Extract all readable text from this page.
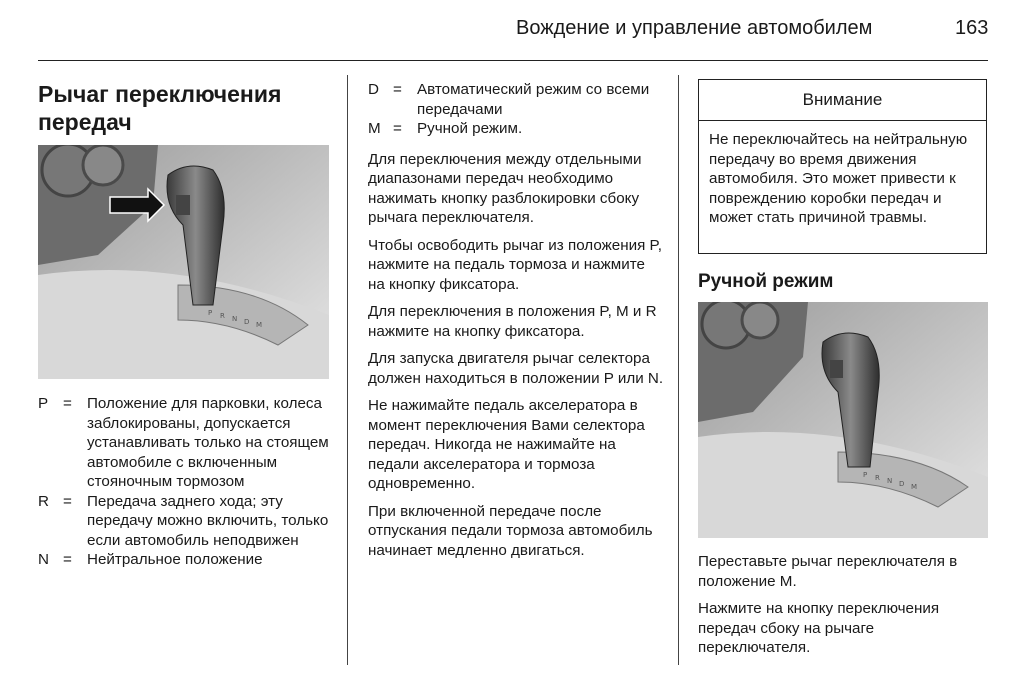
Вождение и управление автомобилем	163
Рычаг переключения передач
P R N D M
P = Положение для парковки, колеса заблокированы, допускается устанавливать только на стоящем автомобиле с включенным стояночным тормозом
R = Передача заднего хода; эту передачу можно включить, только если автомобиль неподвижен
N = Нейтральное положение
D = Автоматический режим со всеми передачами
M = Ручной режим.

Для переключения между отдельными диапазонами передач необходимо нажимать кнопку разблокировки сбоку рычага переключателя.

Чтобы освободить рычаг из положения P, нажмите на педаль тормоза и нажмите на кнопку фиксатора.

Для переключения в положения P, M и R нажмите на кнопку фиксатора.

Для запуска двигателя рычаг селектора должен находиться в положении P или N.

Не нажимайте педаль акселератора в момент переключения Вами селектора передач. Никогда не нажимайте на педали акселератора и тормоза одновременно.

При включенной передаче после отпускания педали тормоза автомобиль начинает медленно двигаться.

Внимание
Не переключайтесь на нейтральную передачу во время движения автомобиля. Это может привести к повреждению коробки передач и может стать причиной травмы.
Ручной режим
P R N D M

Переставьте рычаг переключателя в положение M.

Нажмите на кнопку переключения передач сбоку на рычаге переключателя.
